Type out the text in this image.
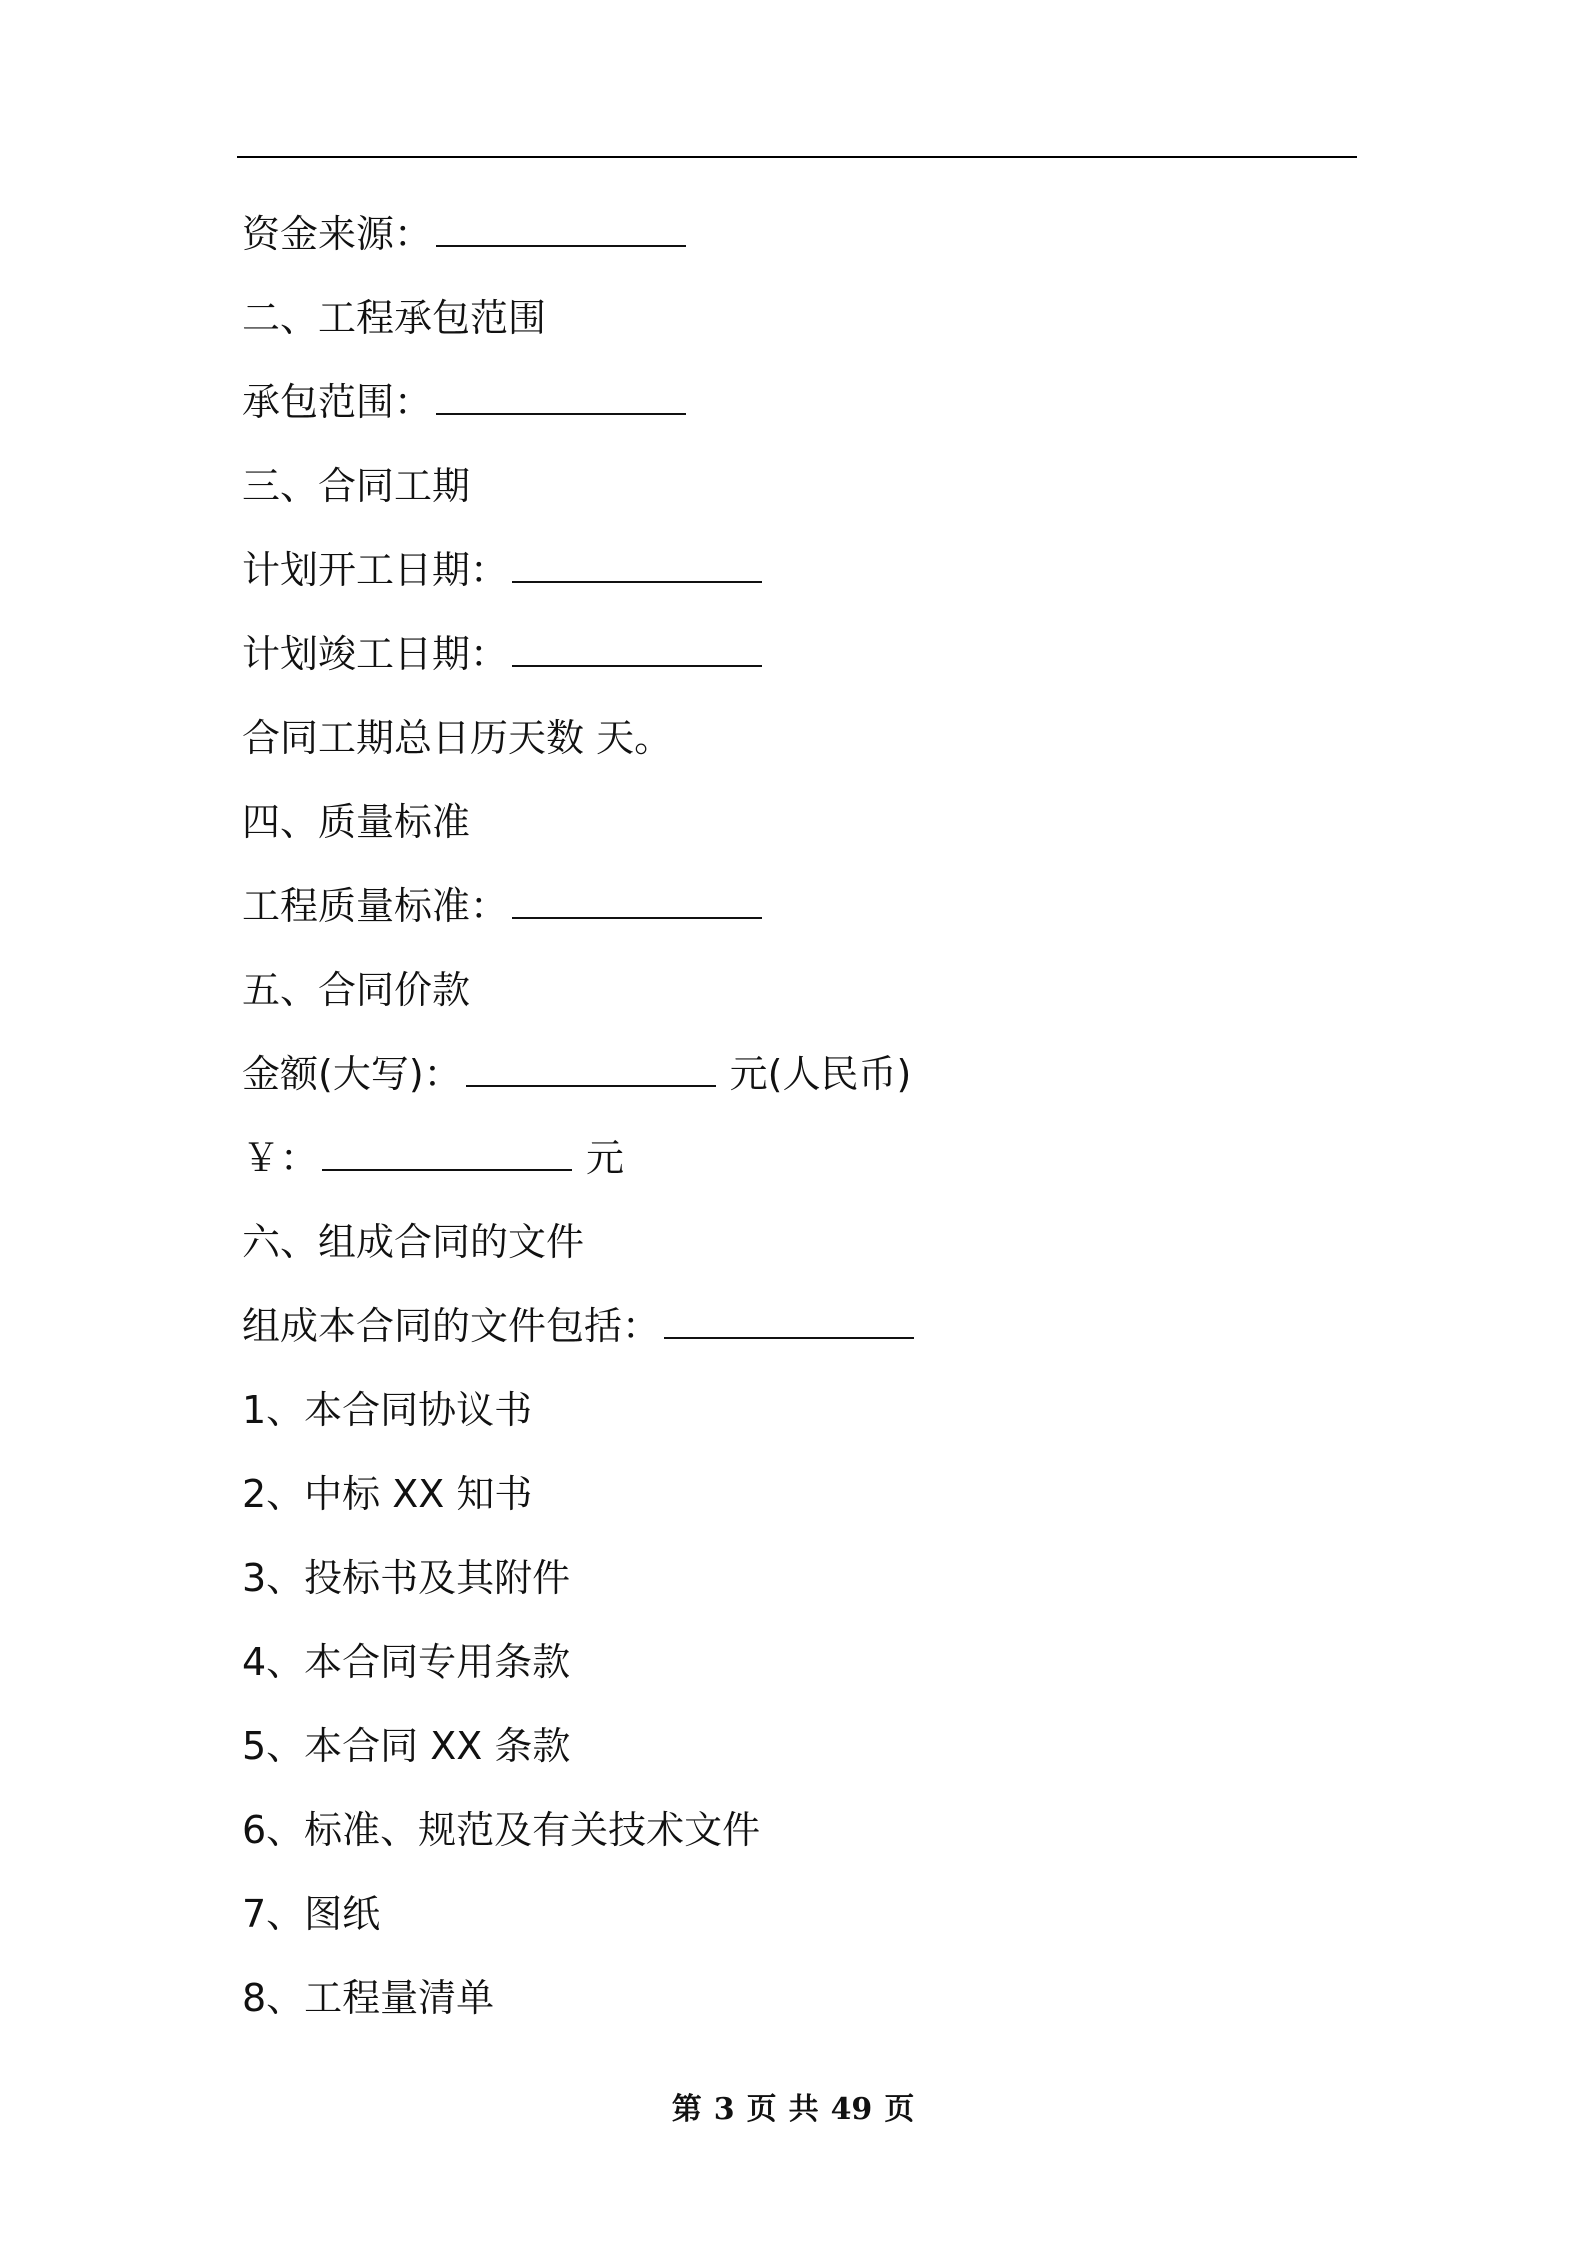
资金来源：
二、工程承包范围
承包范围：
三、合同工期
计划开工日期：
计划竣工日期：
合同工期总日历天数 天。
四、质量标准
工程质量标准：
五、合同价款
金额(大写)：	元(人民币)
￥：	元
六、组成合同的文件
组成本合同的文件包括：
1、本合同协议书
2、中标 XX 知书
3、投标书及其附件
4、本合同专用条款
5、本合同 XX 条款
6、标准、规范及有关技术文件
7、图纸
8、工程量清单
第 3 页 共 49 页
